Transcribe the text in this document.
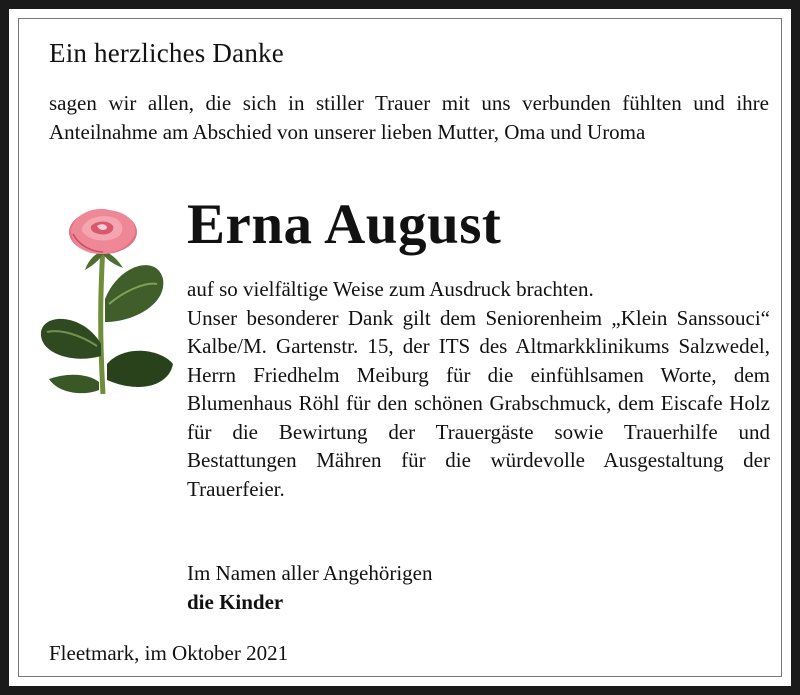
Ein herzliches Danke
sagen wir allen, die sich in stiller Trauer mit uns verbunden fühlten und ihre Anteilnahme am Abschied von unserer lieben Mutter, Oma und Uroma
Erna August

auf so vielfältige Weise zum Ausdruck brachten.

Unser besonderer Dank gilt dem Seniorenheim „Klein Sanssouci“ Kalbe/M. Gartenstr. 15, der ITS des Altmarkklinikums Salzwedel, Herrn Friedhelm Meiburg für die einfühlsamen Worte, dem Blumenhaus Röhl für den schönen Grabschmuck, dem Eiscafe Holz für die Bewirtung der Trauergäste sowie Trauerhilfe und Bestattungen Mähren für die würdevolle Ausgestaltung der Trauerfeier.

Im Namen aller Angehörigen
die Kinder
Fleetmark, im Oktober 2021
